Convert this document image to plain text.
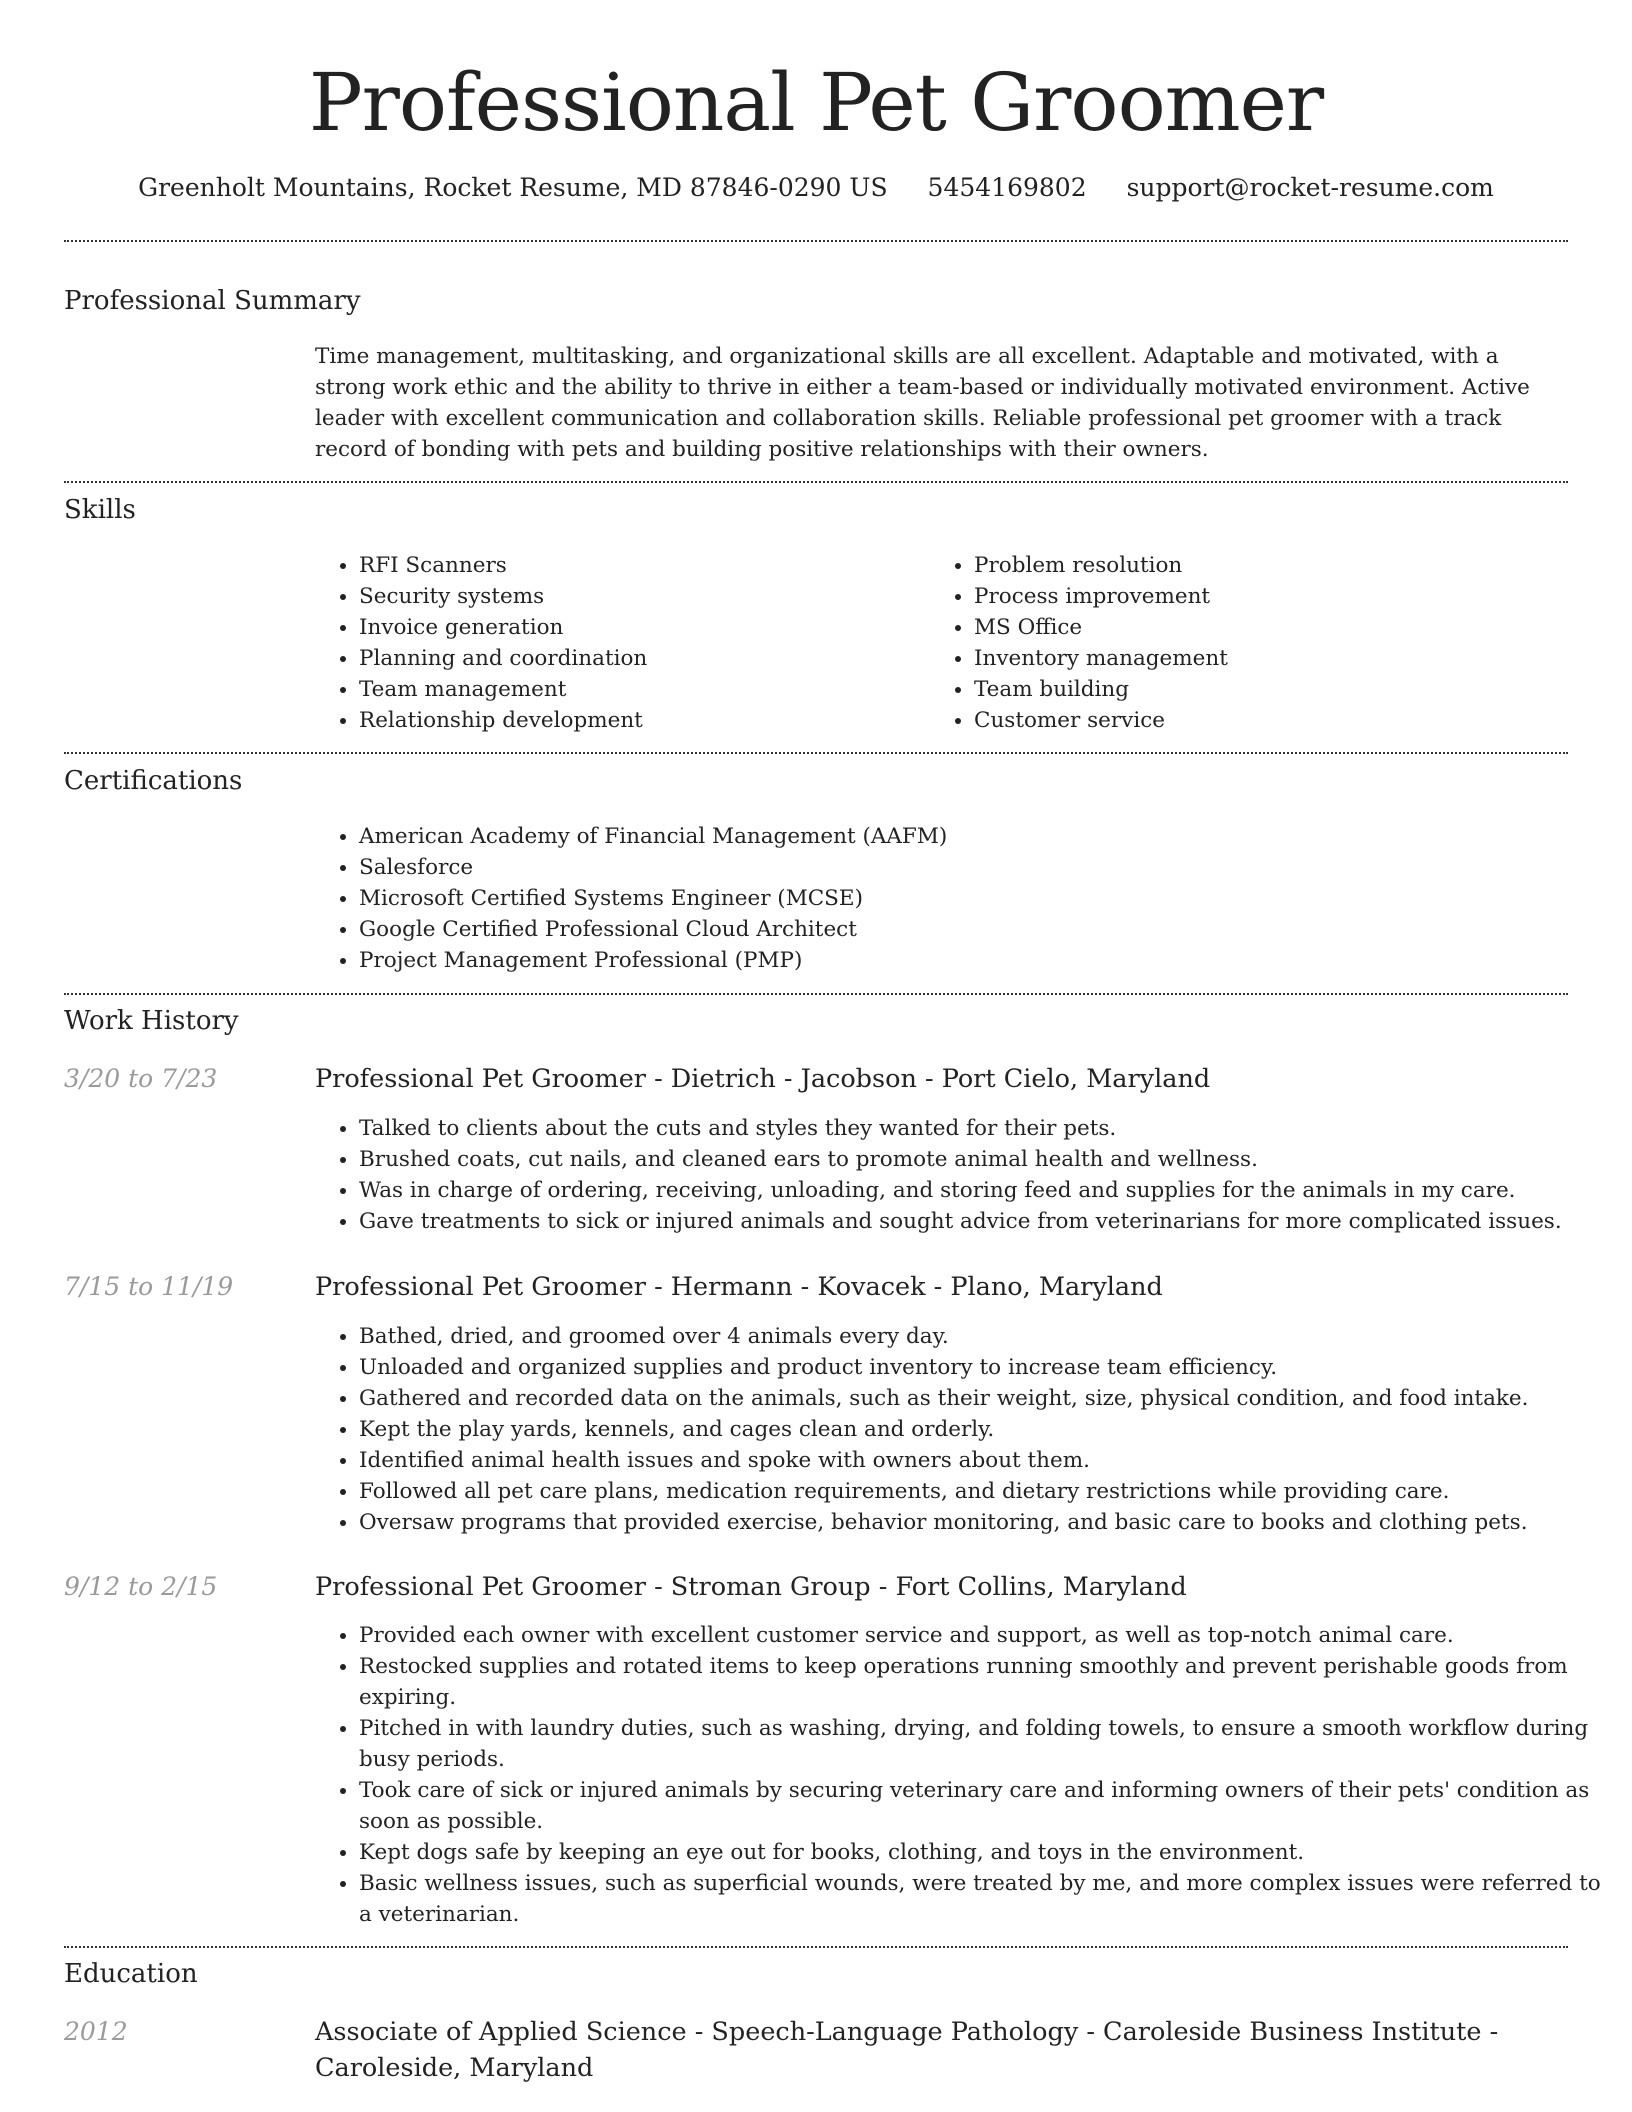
Professional Pet Groomer
Greenholt Mountains, Rocket Resume, MD 87846-0290 US 5454169802 support@rocket-resume.com
Professional Summary
Time management, multitasking, and organizational skills are all excellent. Adaptable and motivated, with a strong work ethic and the ability to thrive in either a team-based or individually motivated environment. Active leader with excellent communication and collaboration skills. Reliable professional pet groomer with a track record of bonding with pets and building positive relationships with their owners.
Skills
• RFI Scanners
• Security systems
• Invoice generation
• Planning and coordination
• Team management
• Relationship development
• Problem resolution
• Process improvement
• MS Office
• Inventory management
• Team building
• Customer service
Certifications
• American Academy of Financial Management (AAFM)
• Salesforce
• Microsoft Certified Systems Engineer (MCSE)
• Google Certified Professional Cloud Architect
• Project Management Professional (PMP)
Work History
3/20 to 7/23	Professional Pet Groomer - Dietrich - Jacobson - Port Cielo, Maryland
• Talked to clients about the cuts and styles they wanted for their pets.
• Brushed coats, cut nails, and cleaned ears to promote animal health and wellness.
• Was in charge of ordering, receiving, unloading, and storing feed and supplies for the animals in my care.
• Gave treatments to sick or injured animals and sought advice from veterinarians for more complicated issues.
7/15 to 11/19	Professional Pet Groomer - Hermann - Kovacek - Plano, Maryland
• Bathed, dried, and groomed over 4 animals every day.
• Unloaded and organized supplies and product inventory to increase team efficiency.
• Gathered and recorded data on the animals, such as their weight, size, physical condition, and food intake.
• Kept the play yards, kennels, and cages clean and orderly.
• Identified animal health issues and spoke with owners about them.
• Followed all pet care plans, medication requirements, and dietary restrictions while providing care.
• Oversaw programs that provided exercise, behavior monitoring, and basic care to books and clothing pets.
9/12 to 2/15	Professional Pet Groomer - Stroman Group - Fort Collins, Maryland
• Provided each owner with excellent customer service and support, as well as top-notch animal care.
• Restocked supplies and rotated items to keep operations running smoothly and prevent perishable goods from expiring.
• Pitched in with laundry duties, such as washing, drying, and folding towels, to ensure a smooth workflow during busy periods.
• Took care of sick or injured animals by securing veterinary care and informing owners of their pets' condition as soon as possible.
• Kept dogs safe by keeping an eye out for books, clothing, and toys in the environment.
• Basic wellness issues, such as superficial wounds, were treated by me, and more complex issues were referred to a veterinarian.
Education
2012	Associate of Applied Science - Speech-Language Pathology - Caroleside Business Institute - Caroleside, Maryland
